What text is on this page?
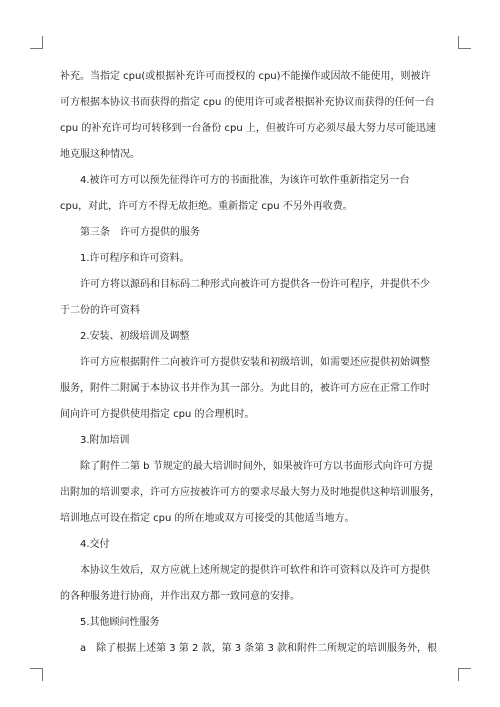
补充。当指定 cpu(或根据补充许可而授权的 cpu)不能操作或因故不能使用，则被许
可方根据本协议书而获得的指定 cpu 的使用许可或者根据补充协议而获得的任何一台
cpu 的补充许可均可转移到一台备份 cpu 上，但被许可方必须尽最大努力尽可能迅速
地克服这种情况。
4.被许可方可以预先征得许可方的书面批准，为该许可软件重新指定另一台
cpu，对此，许可方不得无故拒绝。重新指定 cpu 不另外再收费。
第三条　许可方提供的服务
1.许可程序和许可资料。
许可方将以源码和目标码二种形式向被许可方提供各一份许可程序，并提供不少
于二份的许可资料
2.安装、初级培训及调整
许可方应根据附件二向被许可方提供安装和初级培训，如需要还应提供初始调整
服务，附件二附属于本协议书并作为其一部分。为此目的，被许可方应在正常工作时
间向许可方提供使用指定 cpu 的合理机时。
3.附加培训
除了附件二第 b 节规定的最大培训时间外，如果被许可方以书面形式向许可方提
出附加的培训要求，许可方应按被许可方的要求尽最大努力及时地提供这种培训服务，
培训地点可设在指定 cpu 的所在地或双方可接受的其他适当地方。
4.交付
本协议生效后，双方应就上述所规定的提供许可软件和许可资料以及许可方提供
的各种服务进行协商，并作出双方都一致同意的安排。
5.其他顾问性服务
a　除了根据上述第 3 第 2 款，第 3 条第 3 款和附件二所规定的培训服务外，根
